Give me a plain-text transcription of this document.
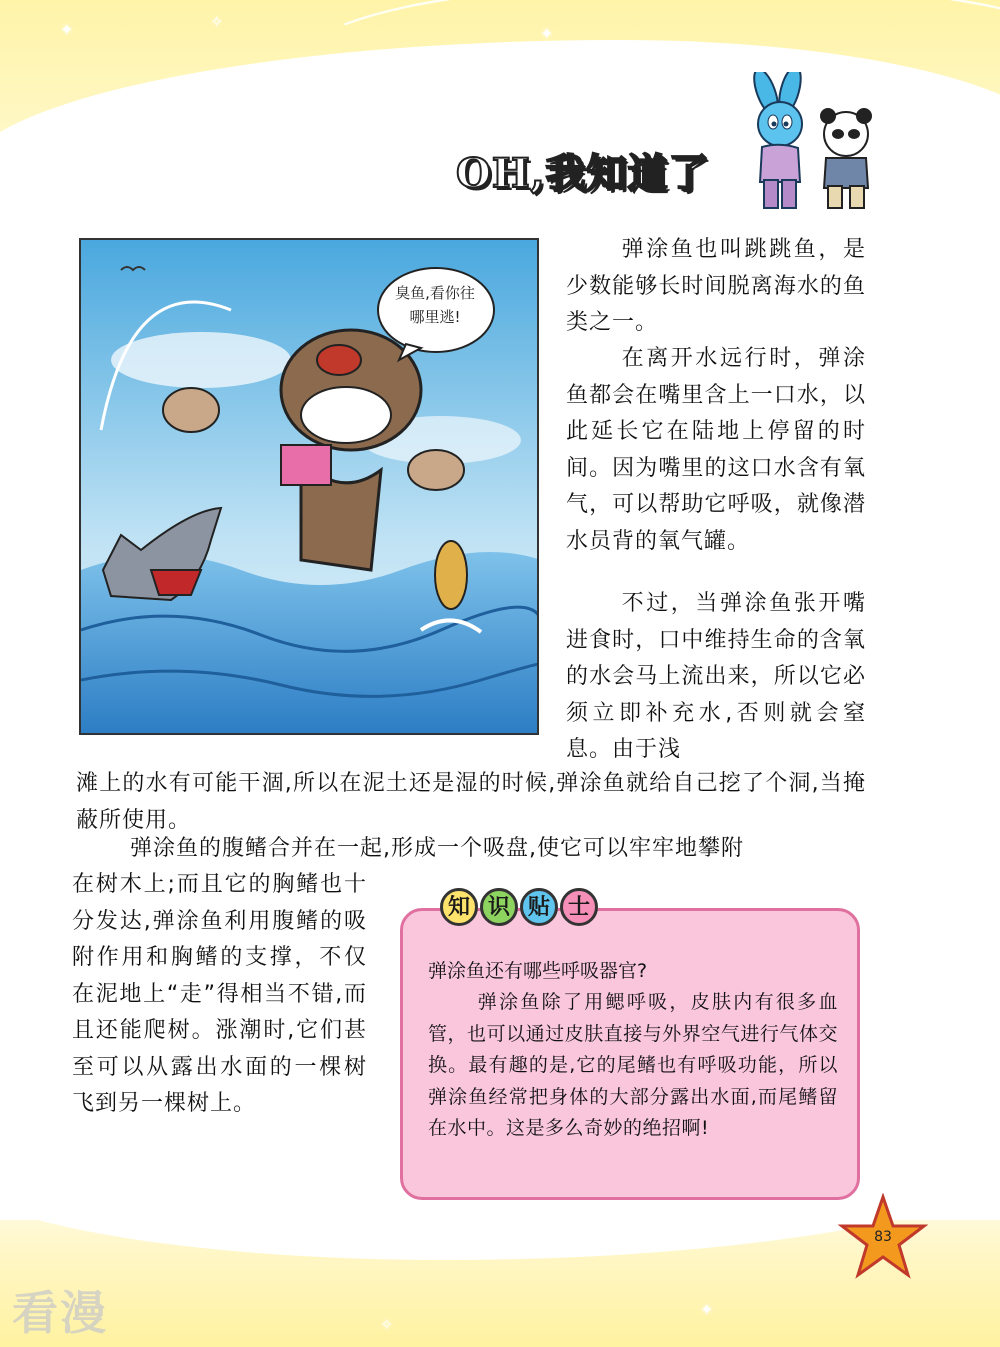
✦	✦
✧
✦
✧
OH,我知道了
臭鱼,看你往哪里逃!
弹涂鱼也叫跳跳鱼，是少数能够长时间脱离海水的鱼类之一。
在离开水远行时，弹涂鱼都会在嘴里含上一口水，以此延长它在陆地上停留的时间。因为嘴里的这口水含有氧气，可以帮助它呼吸，就像潜水员背的氧气罐。
不过，当弹涂鱼张开嘴进食时，口中维持生命的含氧的水会马上流出来，所以它必须立即补充水,否则就会窒息。由于浅
滩上的水有可能干涸,所以在泥土还是湿的时候,弹涂鱼就给自己挖了个洞,当掩蔽所使用。
弹涂鱼的腹鳍合并在一起,形成一个吸盘,使它可以牢牢地攀附
在树木上;而且它的胸鳍也十分发达,弹涂鱼利用腹鳍的吸附作用和胸鳍的支撑，不仅在泥地上“走”得相当不错,而且还能爬树。涨潮时,它们甚至可以从露出水面的一棵树飞到另一棵树上。
知 识 贴 士
弹涂鱼还有哪些呼吸器官?
弹涂鱼除了用鳃呼吸，皮肤内有很多血管，也可以通过皮肤直接与外界空气进行气体交换。最有趣的是,它的尾鳍也有呼吸功能，所以弹涂鱼经常把身体的大部分露出水面,而尾鳍留在水中。这是多么奇妙的绝招啊!
83
看漫
